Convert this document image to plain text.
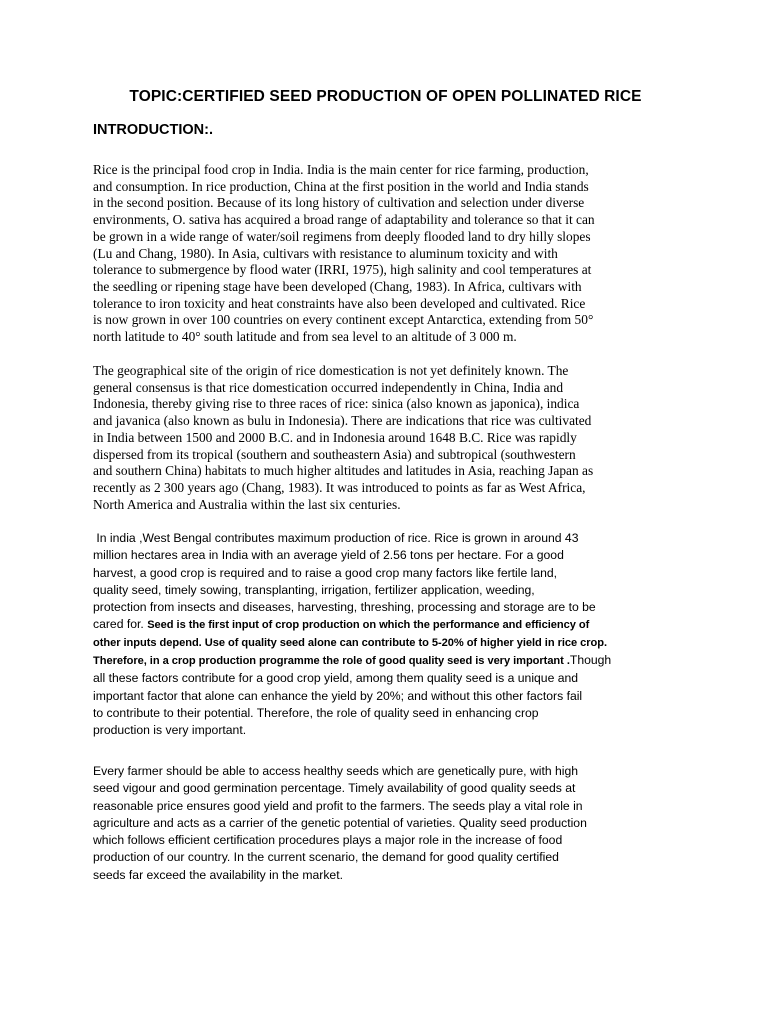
TOPIC:CERTIFIED SEED PRODUCTION OF OPEN POLLINATED RICE
INTRODUCTION:.

Rice is the principal food crop in India. India is the main center for rice farming, production,
and consumption. In rice production, China at the first position in the world and India stands
in the second position. Because of its long history of cultivation and selection under diverse
environments, O. sativa has acquired a broad range of adaptability and tolerance so that it can
be grown in a wide range of water/soil regimens from deeply flooded land to dry hilly slopes
(Lu and Chang, 1980). In Asia, cultivars with resistance to aluminum toxicity and with
tolerance to submergence by flood water (IRRI, 1975), high salinity and cool temperatures at
the seedling or ripening stage have been developed (Chang, 1983). In Africa, cultivars with
tolerance to iron toxicity and heat constraints have also been developed and cultivated. Rice
is now grown in over 100 countries on every continent except Antarctica, extending from 50°
north latitude to 40° south latitude and from sea level to an altitude of 3 000 m.

The geographical site of the origin of rice domestication is not yet definitely known. The
general consensus is that rice domestication occurred independently in China, India and
Indonesia, thereby giving rise to three races of rice: sinica (also known as japonica), indica
and javanica (also known as bulu in Indonesia). There are indications that rice was cultivated
in India between 1500 and 2000 B.C. and in Indonesia around 1648 B.C. Rice was rapidly
dispersed from its tropical (southern and southeastern Asia) and subtropical (southwestern
and southern China) habitats to much higher altitudes and latitudes in Asia, reaching Japan as
recently as 2 300 years ago (Chang, 1983). It was introduced to points as far as West Africa,
North America and Australia within the last six centuries.

In india ,West Bengal contributes maximum production of rice. Rice is grown in around 43
million hectares area in India with an average yield of 2.56 tons per hectare. For a good
harvest, a good crop is required and to raise a good crop many factors like fertile land,
quality seed, timely sowing, transplanting, irrigation, fertilizer application, weeding,
protection from insects and diseases, harvesting, threshing, processing and storage are to be
cared for. Seed is the first input of crop production on which the performance and efficiency of
other inputs depend. Use of quality seed alone can contribute to 5-20% of higher yield in rice crop.
Therefore, in a crop production programme the role of good quality seed is very important .Though
all these factors contribute for a good crop yield, among them quality seed is a unique and
important factor that alone can enhance the yield by 20%; and without this other factors fail
to contribute to their potential. Therefore, the role of quality seed in enhancing crop
production is very important.

Every farmer should be able to access healthy seeds which are genetically pure, with high
seed vigour and good germination percentage. Timely availability of good quality seeds at
reasonable price ensures good yield and profit to the farmers. The seeds play a vital role in
agriculture and acts as a carrier of the genetic potential of varieties. Quality seed production
which follows efficient certification procedures plays a major role in the increase of food
production of our country. In the current scenario, the demand for good quality certified
seeds far exceed the availability in the market.
